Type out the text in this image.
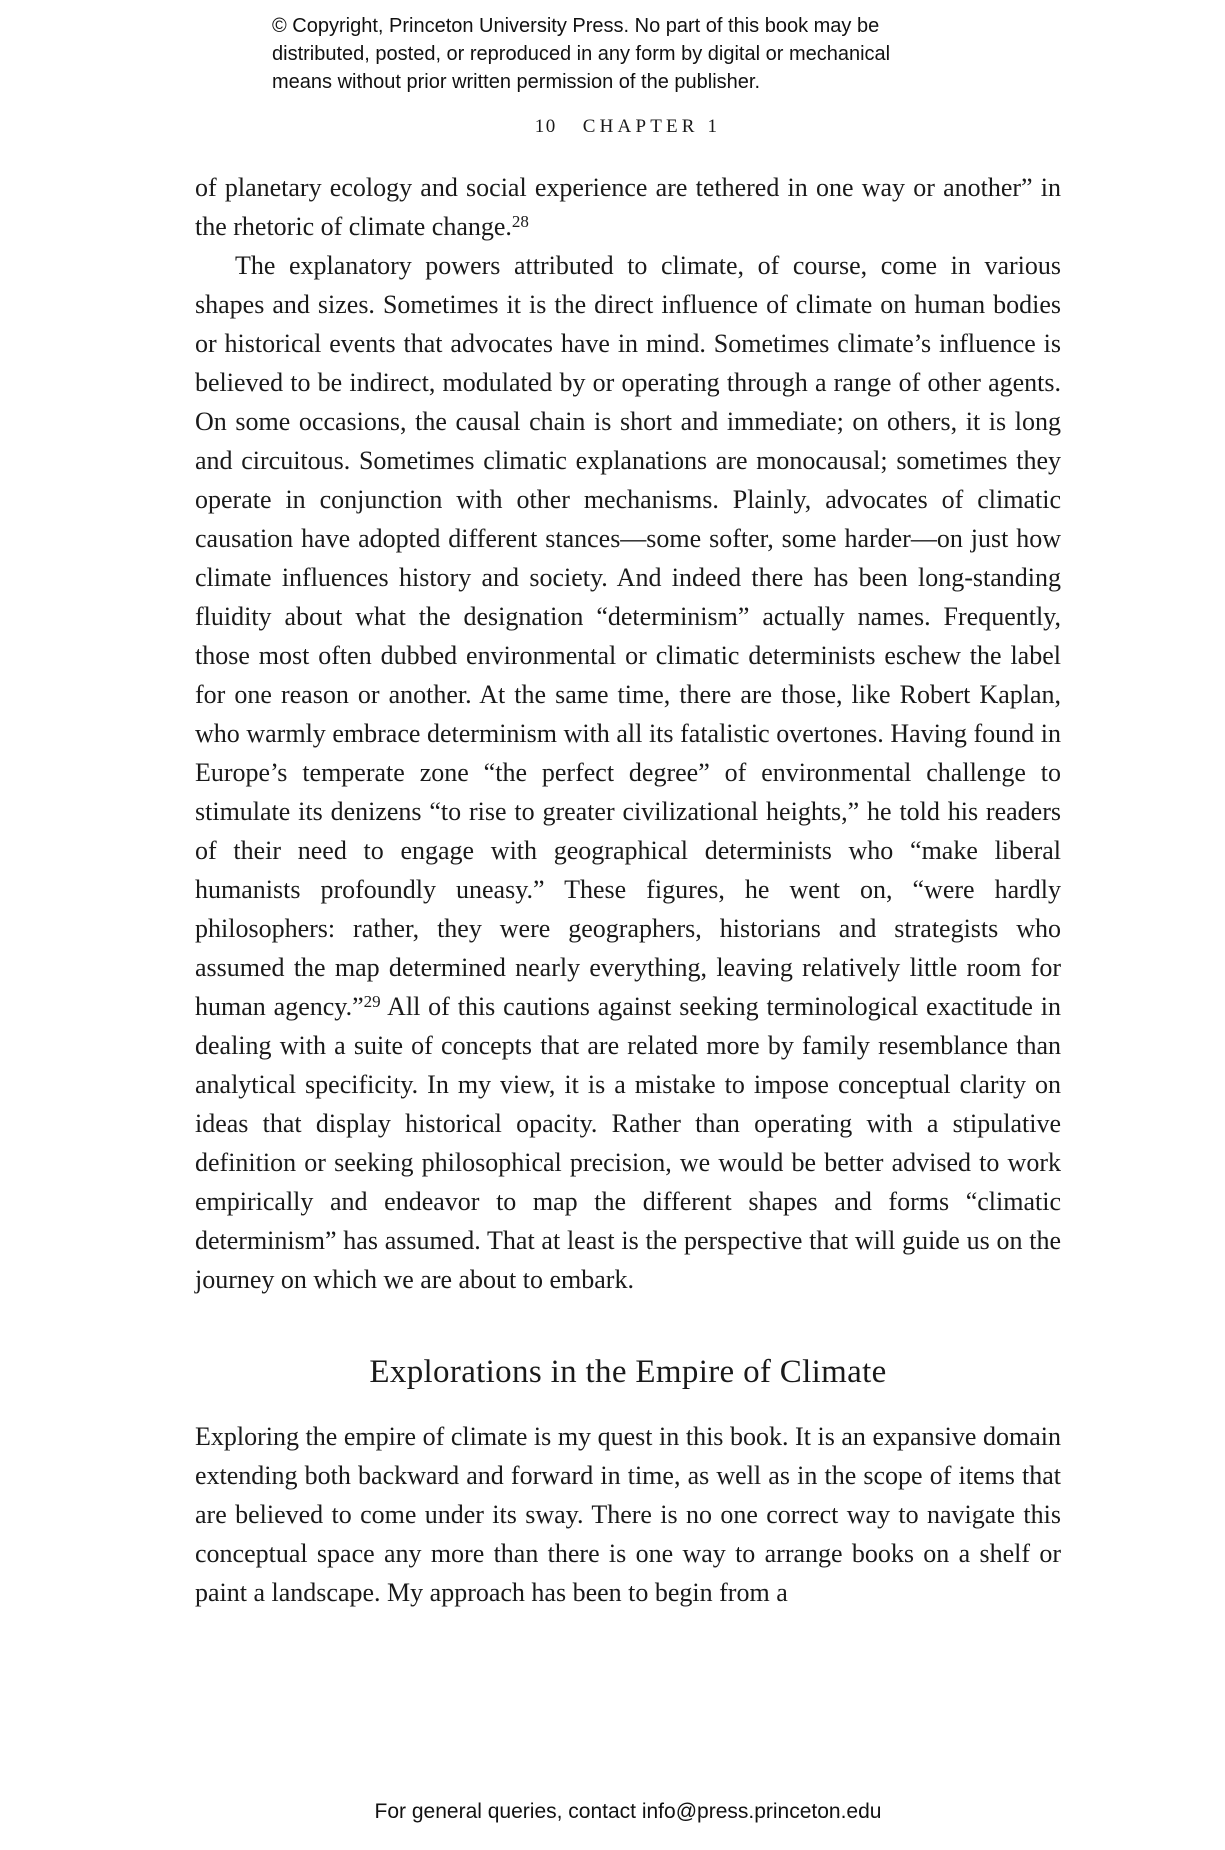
© Copyright, Princeton University Press. No part of this book may be
distributed, posted, or reproduced in any form by digital or mechanical
means without prior written permission of the publisher.
10 CHAPTER 1

of planetary ecology and social experience are tethered in one way or another” in the rhetoric of climate change.$^{28}$

The explanatory powers attributed to climate, of course, come in various shapes and sizes. Sometimes it is the direct influence of climate on human bodies or historical events that advocates have in mind. Sometimes climate’s influence is believed to be indirect, modulated by or operating through a range of other agents. On some occasions, the causal chain is short and immediate; on others, it is long and circuitous. Sometimes climatic explanations are monocausal; sometimes they operate in conjunction with other mechanisms. Plainly, advocates of climatic causation have adopted different stances—some softer, some harder—on just how climate influences history and society. And indeed there has been long-standing fluidity about what the designation “determinism” actually names. Frequently, those most often dubbed environmental or climatic determinists eschew the label for one reason or another. At the same time, there are those, like Robert Kaplan, who warmly embrace determinism with all its fatalistic overtones. Having found in Europe’s temperate zone “the perfect degree” of environmental challenge to stimulate its denizens “to rise to greater civilizational heights,” he told his readers of their need to engage with geographical determinists who “make liberal humanists profoundly uneasy.” These figures, he went on, “were hardly philosophers: rather, they were geographers, historians and strategists who assumed the map determined nearly everything, leaving relatively little room for human agency.”$^{29}$ All of this cautions against seeking terminological exactitude in dealing with a suite of concepts that are related more by family resemblance than analytical specificity. In my view, it is a mistake to impose conceptual clarity on ideas that display historical opacity. Rather than operating with a stipulative definition or seeking philosophical precision, we would be better advised to work empirically and endeavor to map the different shapes and forms “climatic determinism” has assumed. That at least is the perspective that will guide us on the journey on which we are about to embark.

Explorations in the Empire of Climate

Exploring the empire of climate is my quest in this book. It is an expansive domain extending both backward and forward in time, as well as in the scope of items that are believed to come under its sway. There is no one correct way to navigate this conceptual space any more than there is one way to arrange books on a shelf or paint a landscape. My approach has been to begin from a

For general queries, contact info@press.princeton.edu
